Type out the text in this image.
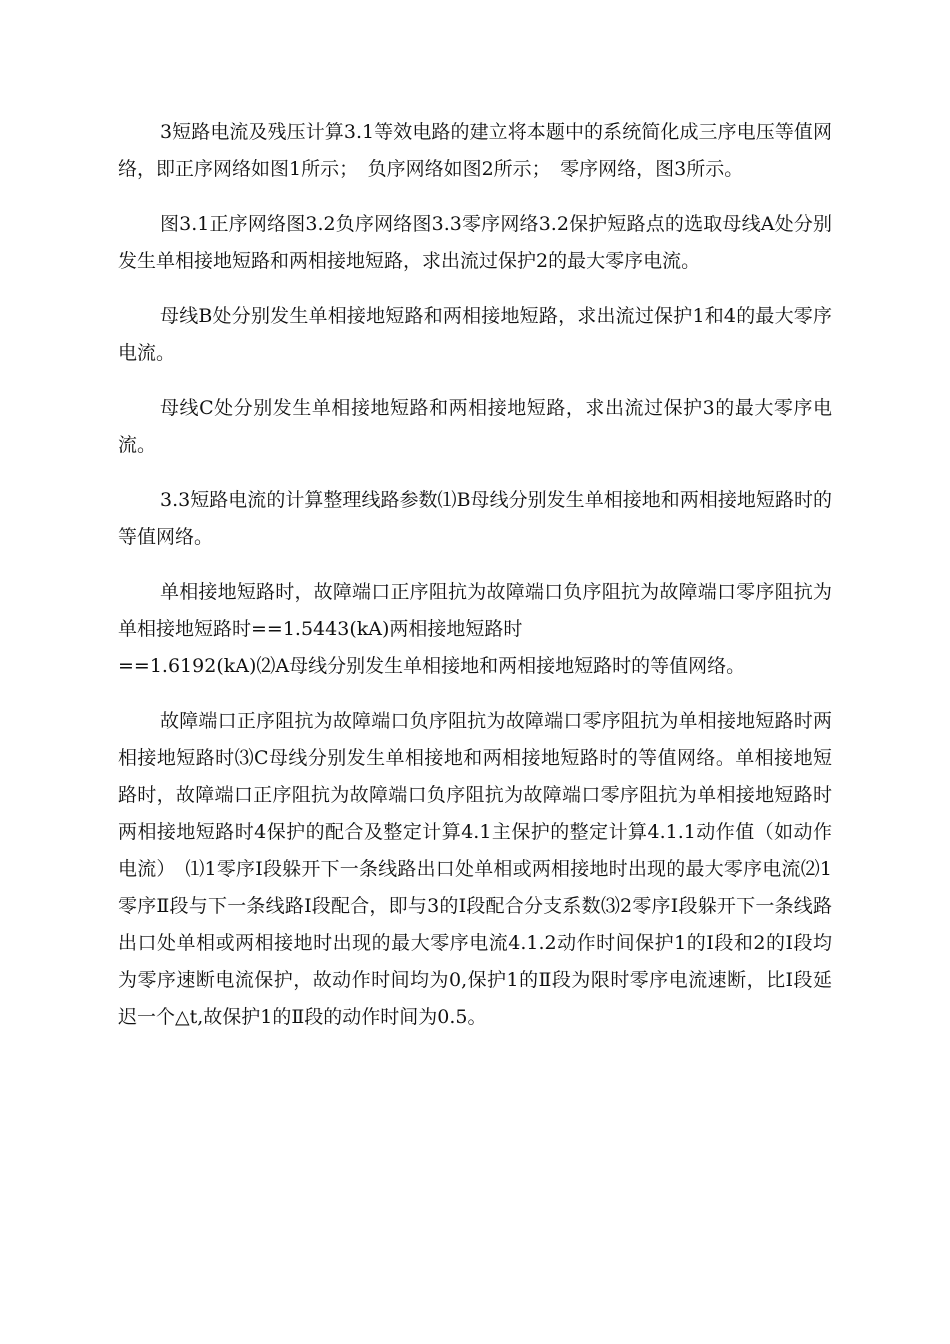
3短路电流及残压计算3.1等效电路的建立将本题中的系统简化成三序电压等值网络，即正序网络如图1所示；　负序网络如图2所示；　零序网络，图3所示。

图3.1正序网络图3.2负序网络图3.3零序网络3.2保护短路点的选取母线A处分别发生单相接地短路和两相接地短路，求出流过保护2的最大零序电流。

母线B处分别发生单相接地短路和两相接地短路，求出流过保护1和4的最大零序电流。

母线C处分别发生单相接地短路和两相接地短路，求出流过保护3的最大零序电流。

3.3短路电流的计算整理线路参数⑴B母线分别发生单相接地和两相接地短路时的等值网络。

单相接地短路时，故障端口正序阻抗为故障端口负序阻抗为故障端口零序阻抗为单相接地短路时==1.5443(kA)两相接地短路时
==1.6192(kA)⑵A母线分别发生单相接地和两相接地短路时的等值网络。

故障端口正序阻抗为故障端口负序阻抗为故障端口零序阻抗为单相接地短路时两相接地短路时⑶C母线分别发生单相接地和两相接地短路时的等值网络。单相接地短路时，故障端口正序阻抗为故障端口负序阻抗为故障端口零序阻抗为单相接地短路时两相接地短路时4保护的配合及整定计算4.1主保护的整定计算4.1.1动作值（如动作电流）　⑴1零序Ⅰ段躲开下一条线路出口处单相或两相接地时出现的最大零序电流⑵1零序Ⅱ段与下一条线路Ⅰ段配合，即与3的Ⅰ段配合分支系数⑶2零序Ⅰ段躲开下一条线路出口处单相或两相接地时出现的最大零序电流4.1.2动作时间保护1的Ⅰ段和2的Ⅰ段均为零序速断电流保护，故动作时间均为0,保护1的Ⅱ段为限时零序电流速断，比Ⅰ段延迟一个△t,故保护1的Ⅱ段的动作时间为0.5。
